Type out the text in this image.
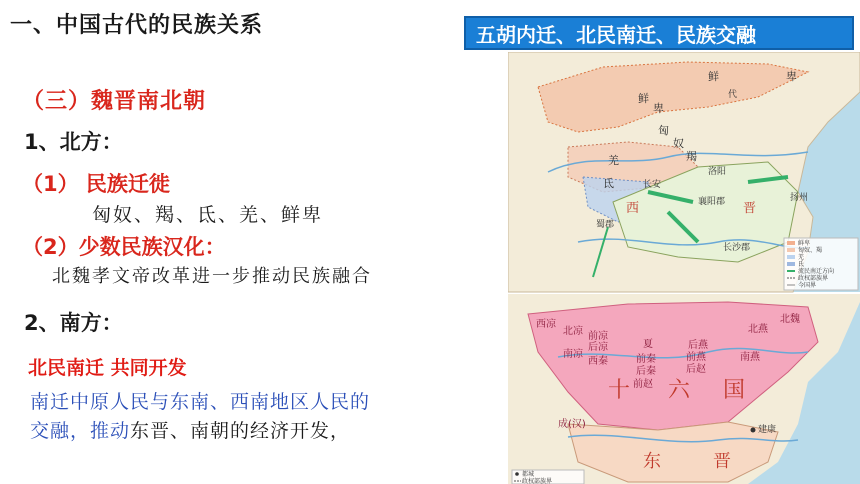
一、中国古代的民族关系
（三）魏晋南北朝
1、北方：
（1） 民族迁徙
匈奴、羯、氐、羌、鲜卑
（2）少数民族汉化：
北魏孝文帝改革进一步推动民族融合
2、南方：
北民南迁 共同开发
南迁中原人民与东南、西南地区人民的
交融，推动东晋、南朝的经济开发，
五胡内迁、北民南迁、民族交融
鲜	卑
鲜
卑
匈
奴
羯
羌
氐
洛阳
长安
西	晋
襄阳郡	扬州
蜀郡
长沙郡
代
鲜卑
匈奴、羯
羌
氐
流民南迁方向
政权部族界
今国界
西凉
北凉 前凉
后凉
南凉
西秦
夏
前秦
后秦	后赵
前燕
后燕
北燕
南燕
十 六 国
成(汉)
东	晋
建康
前赵
北魏
都城
政权部族界
